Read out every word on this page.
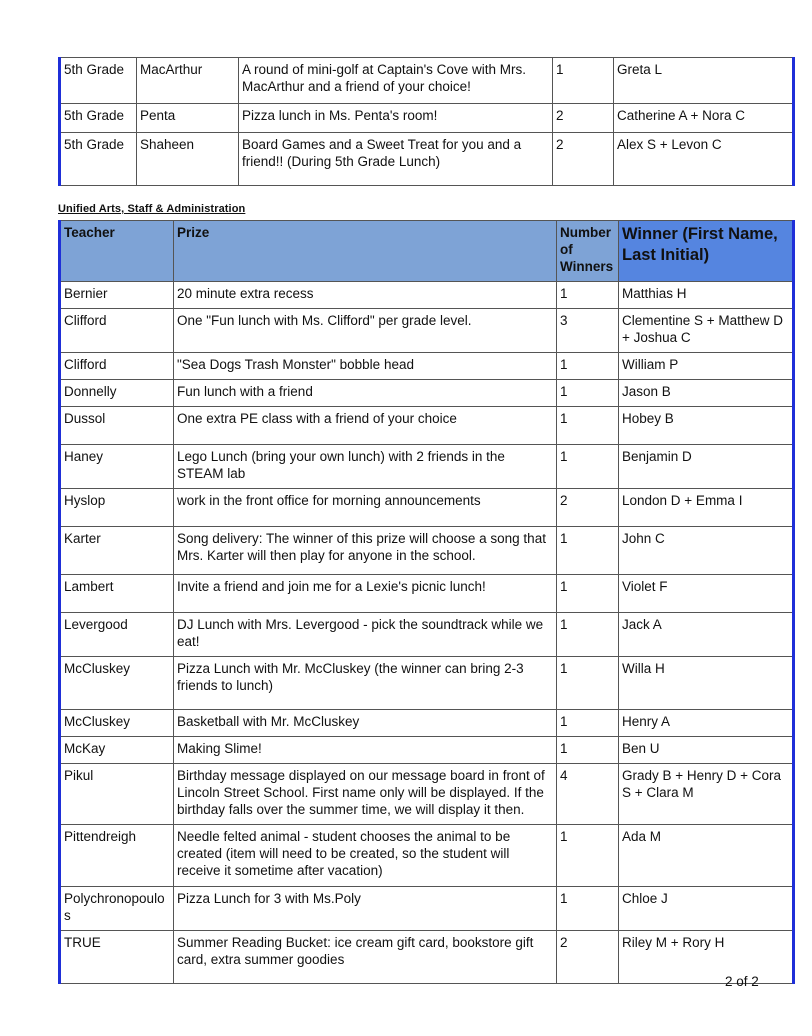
5th Grade	MacArthur	A round of mini-golf at Captain's Cove with Mrs. MacArthur and a friend of your choice!	1	Greta L
5th Grade	Penta	Pizza lunch in Ms. Penta's room!	2	Catherine A + Nora C
5th Grade	Shaheen	Board Games and a Sweet Treat for you and a friend!! (During 5th Grade Lunch)	2	Alex S + Levon C

Unified Arts, Staff & Administration

Teacher	Prize	Number of Winners	Winner (First Name, Last Initial)
Bernier	20 minute extra recess	1	Matthias H
Clifford	One "Fun lunch with Ms. Clifford" per grade level.	3	Clementine S + Matthew D + Joshua C
Clifford	"Sea Dogs Trash Monster" bobble head	1	William P
Donnelly	Fun lunch with a friend	1	Jason B
Dussol	One extra PE class with a friend of your choice	1	Hobey B
Haney	Lego Lunch (bring your own lunch) with 2 friends in the STEAM lab	1	Benjamin D
Hyslop	work in the front office for morning announcements	2	London D + Emma I
Karter	Song delivery: The winner of this prize will choose a song that Mrs. Karter will then play for anyone in the school.	1	John C
Lambert	Invite a friend and join me for a Lexie's picnic lunch!	1	Violet F
Levergood	DJ Lunch with Mrs. Levergood - pick the soundtrack while we eat!	1	Jack A
McCluskey	Pizza Lunch with Mr. McCluskey (the winner can bring 2-3 friends to lunch)	1	Willa H
McCluskey	Basketball with Mr. McCluskey	1	Henry A
McKay	Making Slime!	1	Ben U
Pikul	Birthday message displayed on our message board in front of Lincoln Street School. First name only will be displayed. If the birthday falls over the summer time, we will display it then.	4	Grady B + Henry D + Cora S + Clara M
Pittendreigh	Needle felted animal - student chooses the animal to be created (item will need to be created, so the student will receive it sometime after vacation)	1	Ada M
Polychronopoulos	Pizza Lunch for 3 with Ms.Poly	1	Chloe J
TRUE	Summer Reading Bucket: ice cream gift card, bookstore gift card, extra summer goodies	2	Riley M + Rory H

2 of 2
